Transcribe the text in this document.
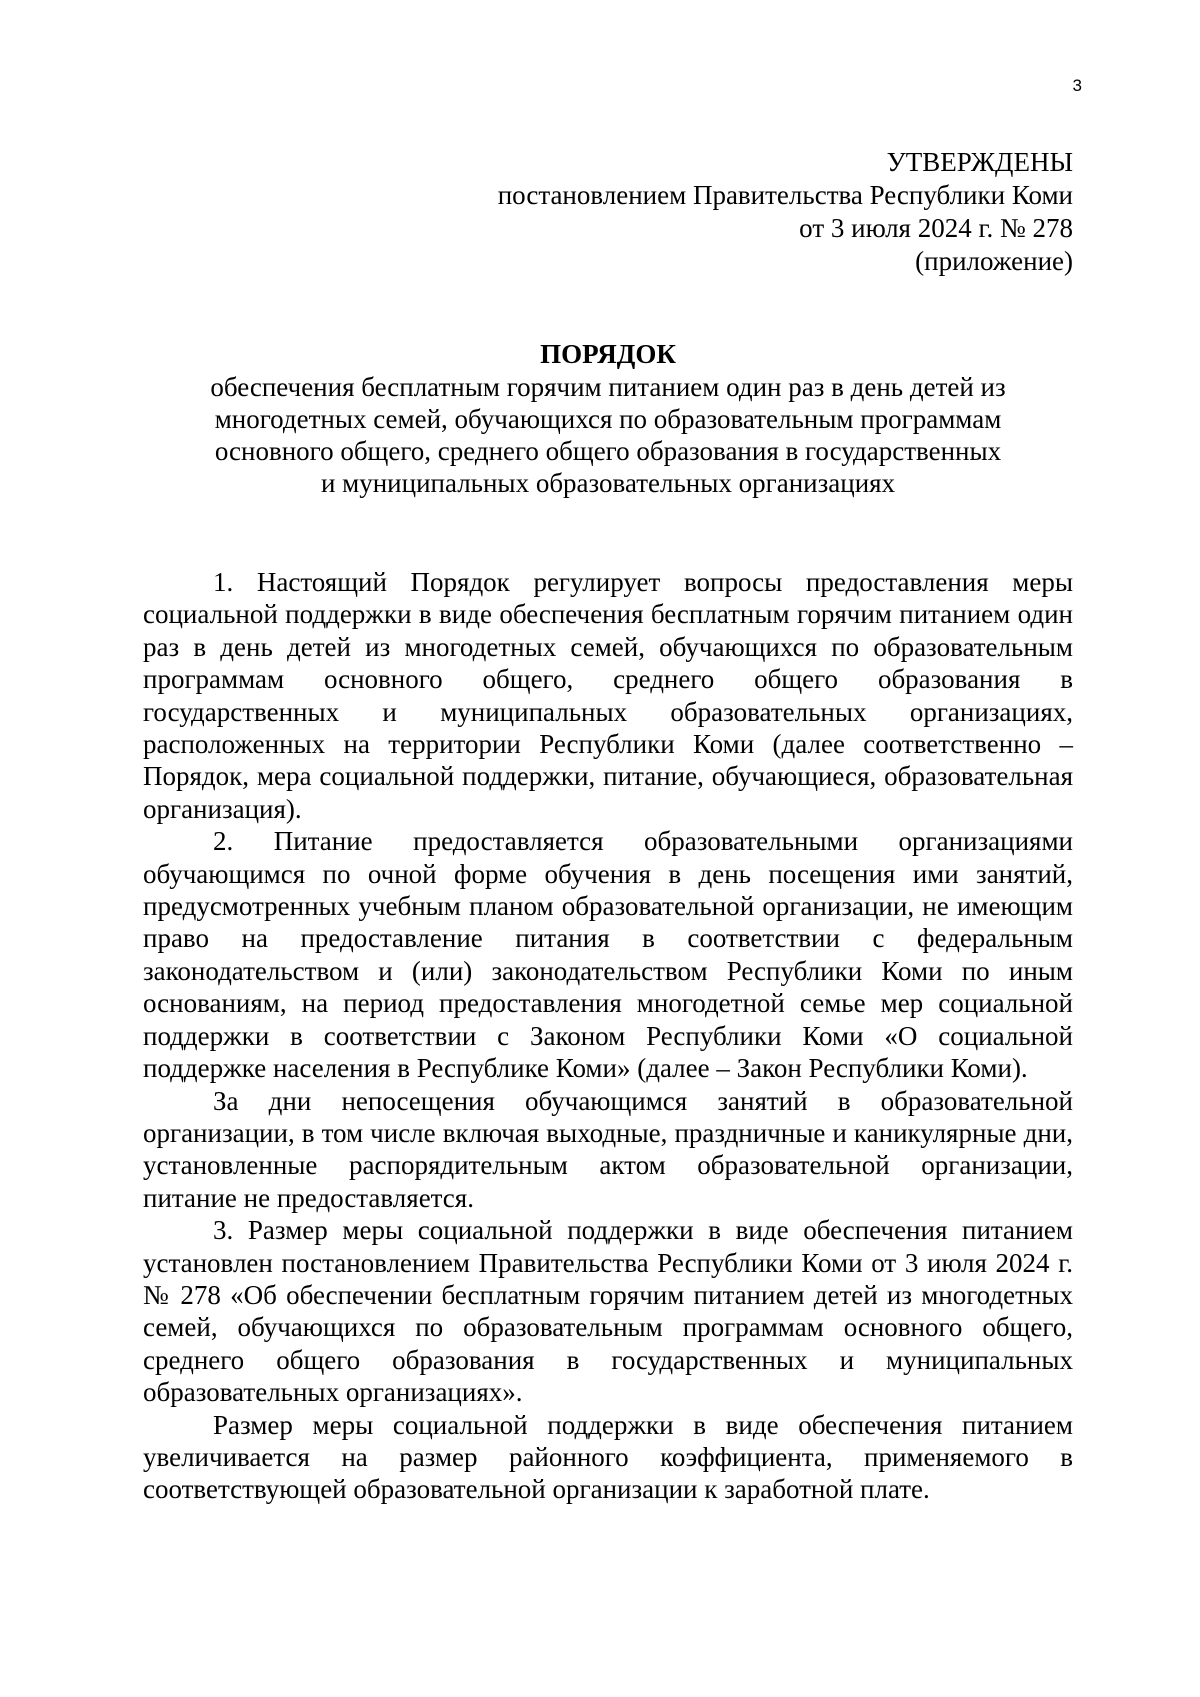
3
УТВЕРЖДЕНЫ
постановлением Правительства Республики Коми
от 3 июля 2024 г. № 278
(приложение)
ПОРЯДОК
обеспечения бесплатным горячим питанием один раз в день детей из
многодетных семей, обучающихся по образовательным программам
основного общего, среднего общего образования в государственных
и муниципальных образовательных организациях

1. Настоящий Порядок регулирует вопросы предоставления меры социальной поддержки в виде обеспечения бесплатным горячим питанием один раз в день детей из многодетных семей, обучающихся по образовательным программам основного общего, среднего общего образования в государственных и муниципальных образовательных организациях, расположенных на территории Республики Коми (далее соответственно – Порядок, мера социальной поддержки, питание, обучающиеся, образовательная организация).

2. Питание предоставляется образовательными организациями обучающимся по очной форме обучения в день посещения ими занятий, предусмотренных учебным планом образовательной организации, не имеющим право на предоставление питания в соответствии с федеральным законодательством и (или) законодательством Республики Коми по иным основаниям, на период предоставления многодетной семье мер социальной поддержки в соответствии с Законом Республики Коми «О социальной поддержке населения в Республике Коми» (далее – Закон Республики Коми).

За дни непосещения обучающимся занятий в образовательной организации, в том числе включая выходные, праздничные и каникулярные дни, установленные распорядительным актом образовательной организации, питание не предоставляется.

3. Размер меры социальной поддержки в виде обеспечения питанием установлен постановлением Правительства Республики Коми от 3 июля 2024 г. № 278 «Об обеспечении бесплатным горячим питанием детей из многодетных семей, обучающихся по образовательным программам основного общего, среднего общего образования в государственных и муниципальных образовательных организациях».

Размер меры социальной поддержки в виде обеспечения питанием увеличивается на размер районного коэффициента, применяемого в соответствующей образовательной организации к заработной плате.
